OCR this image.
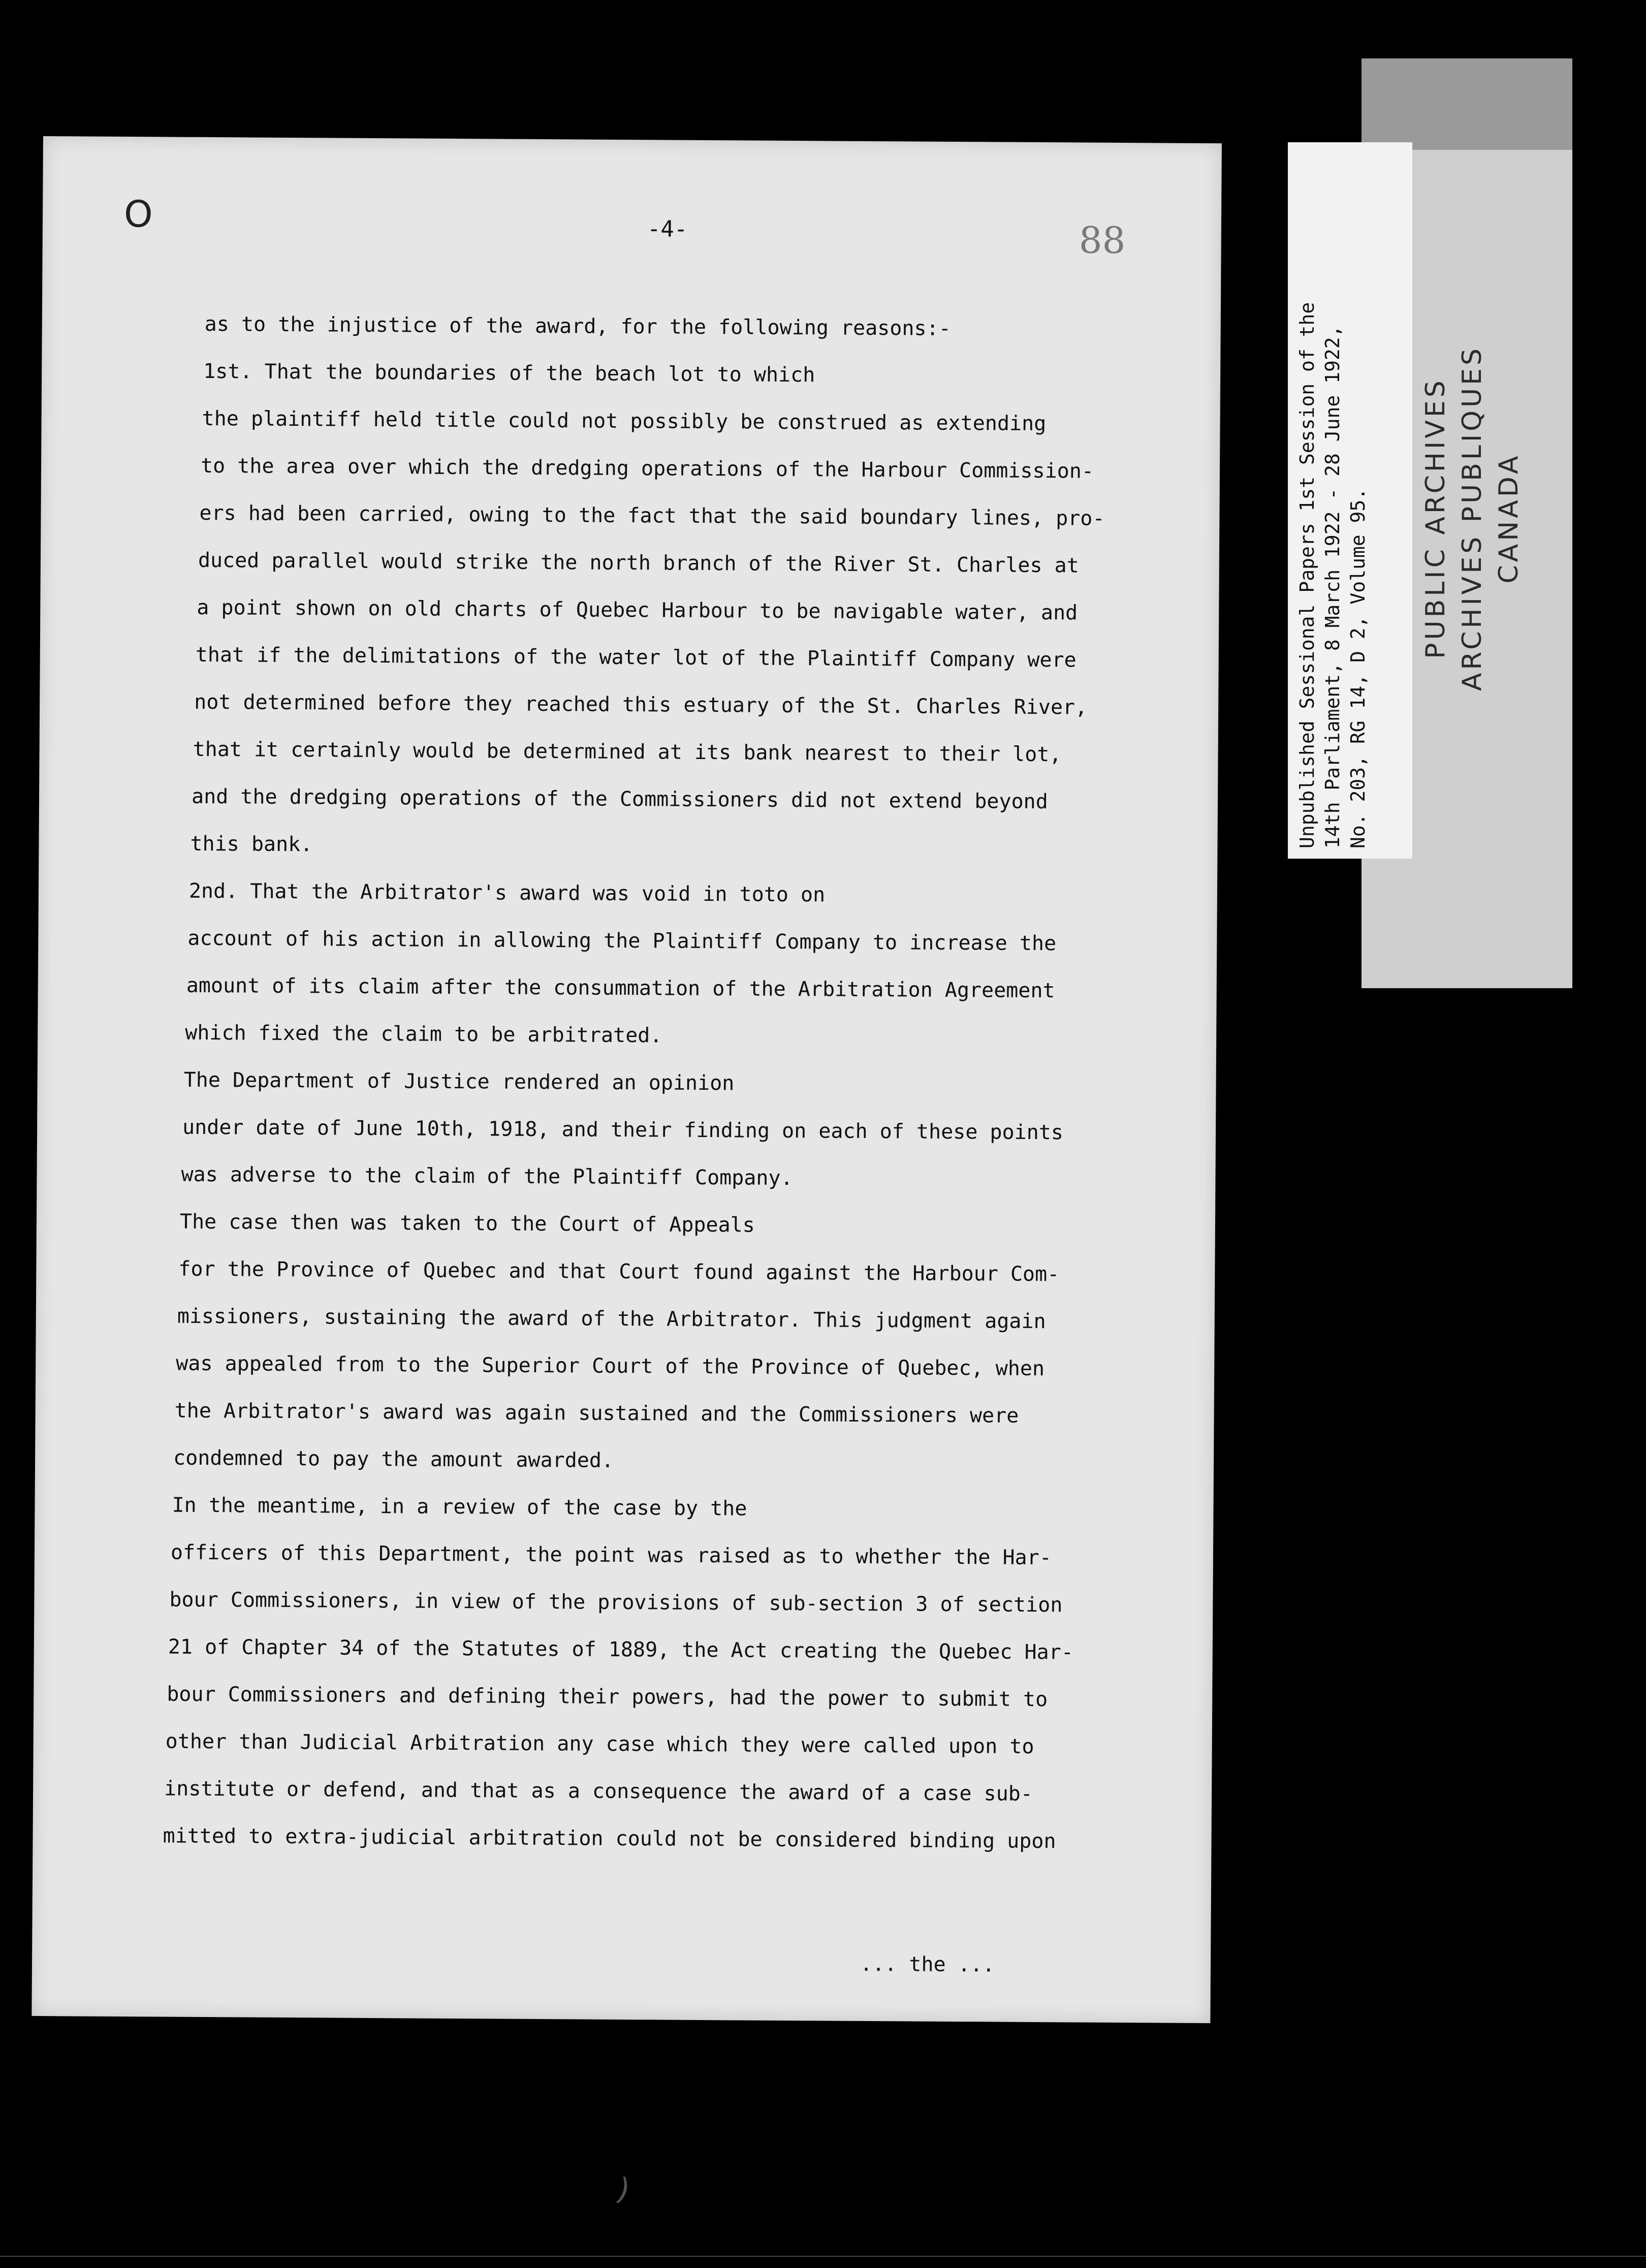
O	-4-	88
as to the injustice of the award, for the following reasons:-
1st. That the boundaries of the beach lot to which
the plaintiff held title could not possibly be construed as extending
to the area over which the dredging operations of the Harbour Commission-
ers had been carried, owing to the fact that the said boundary lines, pro-
duced parallel would strike the north branch of the River St. Charles at
a point shown on old charts of Quebec Harbour to be navigable water, and
that if the delimitations of the water lot of the Plaintiff Company were
not determined before they reached this estuary of the St. Charles River,
that it certainly would be determined at its bank nearest to their lot,
and the dredging operations of the Commissioners did not extend beyond
this bank.
2nd. That the Arbitrator's award was void in toto on
account of his action in allowing the Plaintiff Company to increase the
amount of its claim after the consummation of the Arbitration Agreement
which fixed the claim to be arbitrated.
The Department of Justice rendered an opinion
under date of June 10th, 1918, and their finding on each of these points
was adverse to the claim of the Plaintiff Company.
The case then was taken to the Court of Appeals
for the Province of Quebec and that Court found against the Harbour Com-
missioners, sustaining the award of the Arbitrator. This judgment again
was appealed from to the Superior Court of the Province of Quebec, when
the Arbitrator's award was again sustained and the Commissioners were
condemned to pay the amount awarded.
In the meantime, in a review of the case by the
officers of this Department, the point was raised as to whether the Har-
bour Commissioners, in view of the provisions of sub-section 3 of section
21 of Chapter 34 of the Statutes of 1889, the Act creating the Quebec Har-
bour Commissioners and defining their powers, had the power to submit to
other than Judicial Arbitration any case which they were called upon to
institute or defend, and that as a consequence the award of a case sub-
mitted to extra-judicial arbitration could not be considered binding upon
... the ...
Unpublished Sessional Papers 1st Session of the 14th Parliament, 8 March 1922 - 28 June 1922, No. 203, RG 14, D 2, Volume 95. PUBLIC ARCHIVES ARCHIVES PUBLIQUES CANADA
)
